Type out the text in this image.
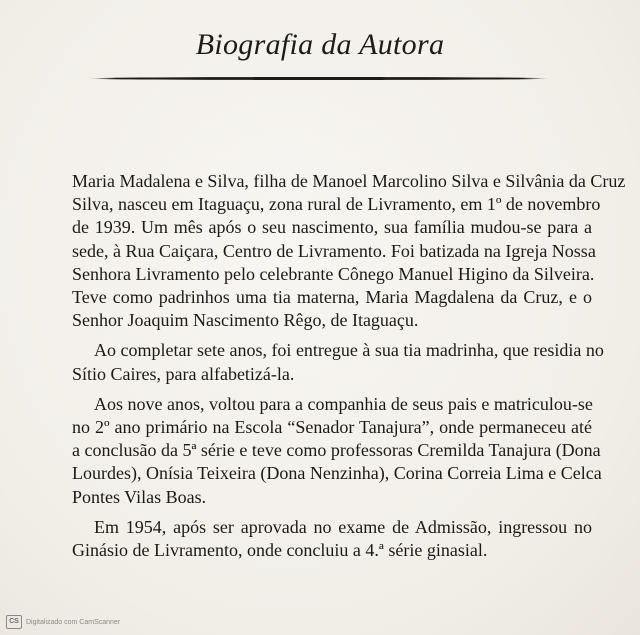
Biografia da Autora
Maria Madalena e Silva, filha de Manoel Marcolino Silva e Silvânia da Cruz
Silva, nasceu em Itaguaçu, zona rural de Livramento, em 1º de novembro
de 1939. Um mês após o seu nascimento, sua família mudou-se para a
sede, à Rua Caiçara, Centro de Livramento. Foi batizada na Igreja Nossa
Senhora Livramento pelo celebrante Cônego Manuel Higino da Silveira.
Teve como padrinhos uma tia materna, Maria Magdalena da Cruz, e o
Senhor Joaquim Nascimento Rêgo, de Itaguaçu.
Ao completar sete anos, foi entregue à sua tia madrinha, que residia no
Sítio Caires, para alfabetizá-la.
Aos nove anos, voltou para a companhia de seus pais e matriculou-se
no 2º ano primário na Escola “Senador Tanajura”, onde permaneceu até
a conclusão da 5ª série e teve como professoras Cremilda Tanajura (Dona
Lourdes), Onísia Teixeira (Dona Nenzinha), Corina Correia Lima e Celca
Pontes Vilas Boas.
Em 1954, após ser aprovada no exame de Admissão, ingressou no
Ginásio de Livramento, onde concluiu a 4.ª série ginasial.
CS	Digitalizado com CamScanner
